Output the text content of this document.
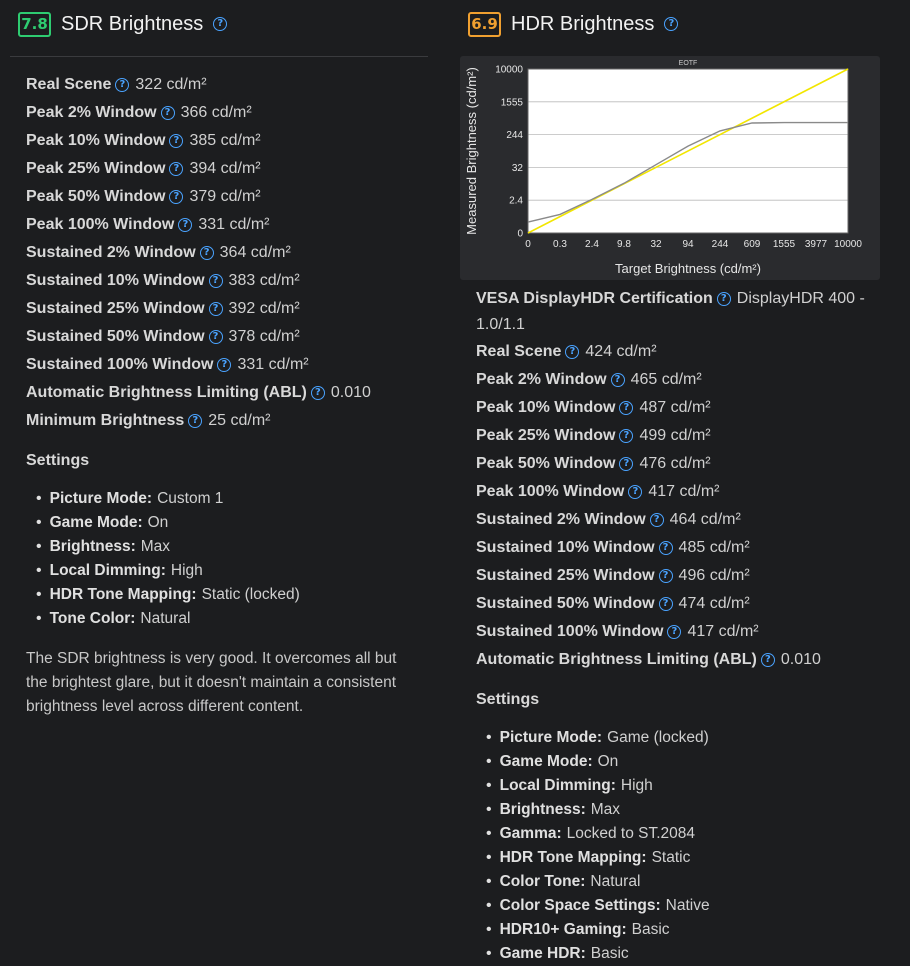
7.8 SDR Brightness	?
Real Scene ? 322 cd/m²
Peak 2% Window ? 366 cd/m²
Peak 10% Window ? 385 cd/m²
Peak 25% Window ? 394 cd/m²
Peak 50% Window ? 379 cd/m²
Peak 100% Window ? 331 cd/m²
Sustained 2% Window ? 364 cd/m²
Sustained 10% Window ? 383 cd/m²
Sustained 25% Window ? 392 cd/m²
Sustained 50% Window ? 378 cd/m²
Sustained 100% Window ? 331 cd/m²
Automatic Brightness Limiting (ABL) ? 0.010
Minimum Brightness ? 25 cd/m²
Settings
• Picture Mode: Custom 1
• Game Mode: On
• Brightness: Max
• Local Dimming: High
• HDR Tone Mapping: Static (locked)
• Tone Color: Natural
The SDR brightness is very good. It overcomes all but the brightest glare, but it doesn't maintain a consistent brightness level across different content.
6.9 HDR Brightness	?
0
2.4
32
244
1555
10000
0 0.3 2.4 9.8 32 94 244 609 1555 3977 10000
EOTF
Target Brightness (cd/m²)
Measured Brightness (cd/m²)
VESA DisplayHDR Certification ? DisplayHDR 400 - 1.0/1.1
Real Scene ? 424 cd/m²
Peak 2% Window ? 465 cd/m²
Peak 10% Window ? 487 cd/m²
Peak 25% Window ? 499 cd/m²
Peak 50% Window ? 476 cd/m²
Peak 100% Window ? 417 cd/m²
Sustained 2% Window ? 464 cd/m²
Sustained 10% Window ? 485 cd/m²
Sustained 25% Window ? 496 cd/m²
Sustained 50% Window ? 474 cd/m²
Sustained 100% Window ? 417 cd/m²
Automatic Brightness Limiting (ABL) ? 0.010
Settings
• Picture Mode: Game (locked)
• Game Mode: On
• Local Dimming: High
• Brightness: Max
• Gamma: Locked to ST.2084
• HDR Tone Mapping: Static
• Color Tone: Natural
• Color Space Settings: Native
• HDR10+ Gaming: Basic
• Game HDR: Basic
